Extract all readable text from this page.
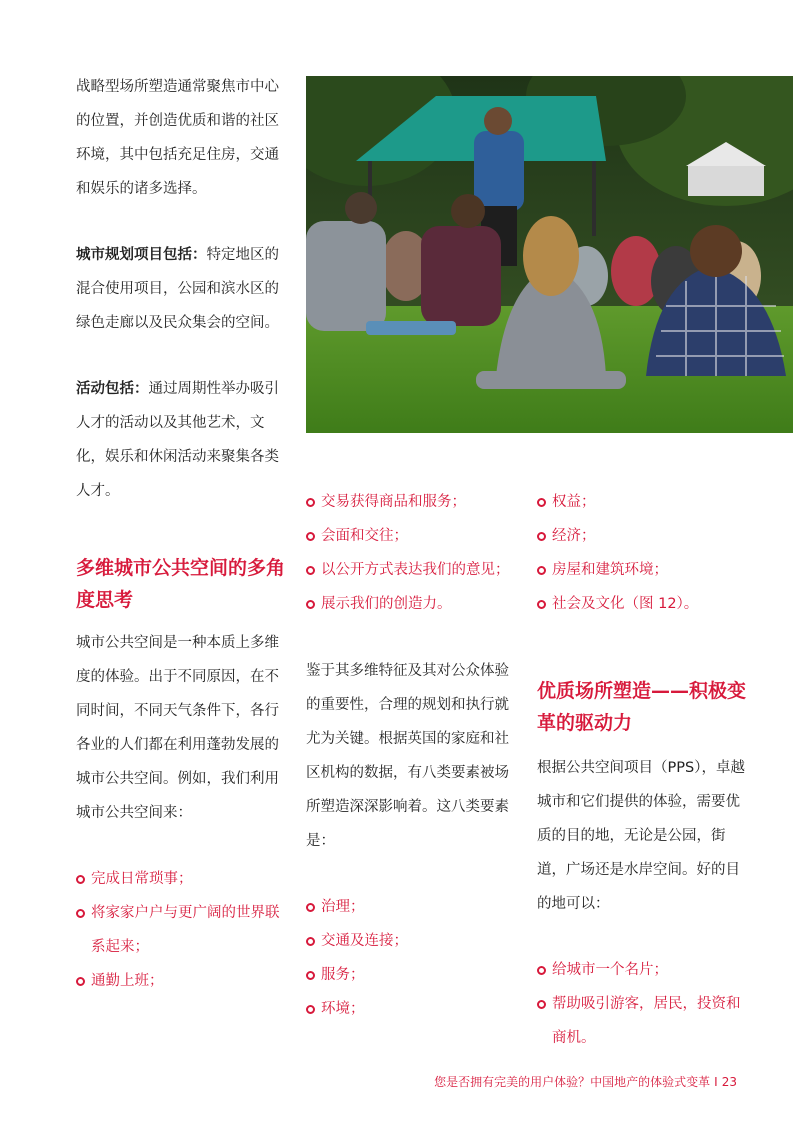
战略型场所塑造通常聚焦市中心的位置，并创造优质和谐的社区环境，其中包括充足住房，交通和娱乐的诸多选择。

城市规划项目包括：特定地区的混合使用项目，公园和滨水区的绿色走廊以及民众集会的空间。

活动包括：通过周期性举办吸引人才的活动以及其他艺术，文化，娱乐和休闲活动来聚集各类人才。

多维城市公共空间的多角度思考

城市公共空间是一种本质上多维度的体验。出于不同原因，在不同时间，不同天气条件下，各行各业的人们都在利用蓬勃发展的城市公共空间。例如，我们利用城市公共空间来：

完成日常琐事；
将家家户户与更广阔的世界联系起来；
通勤上班；
交易获得商品和服务；
会面和交往；
以公开方式表达我们的意见；
展示我们的创造力。

鉴于其多维特征及其对公众体验的重要性，合理的规划和执行就尤为关键。根据英国的家庭和社区机构的数据，有八类要素被场所塑造深深影响着。这八类要素是：

治理；
交通及连接；
服务；
环境；
权益；
经济；
房屋和建筑环境；
社会及文化（图 12）。
优质场所塑造——积极变革的驱动力

根据公共空间项目（PPS），卓越城市和它们提供的体验，需要优质的目的地，无论是公园，街道，广场还是水岸空间。好的目的地可以：

给城市一个名片；
帮助吸引游客，居民，投资和商机。
您是否拥有完美的用户体验？中国地产的体验式变革 I 23
